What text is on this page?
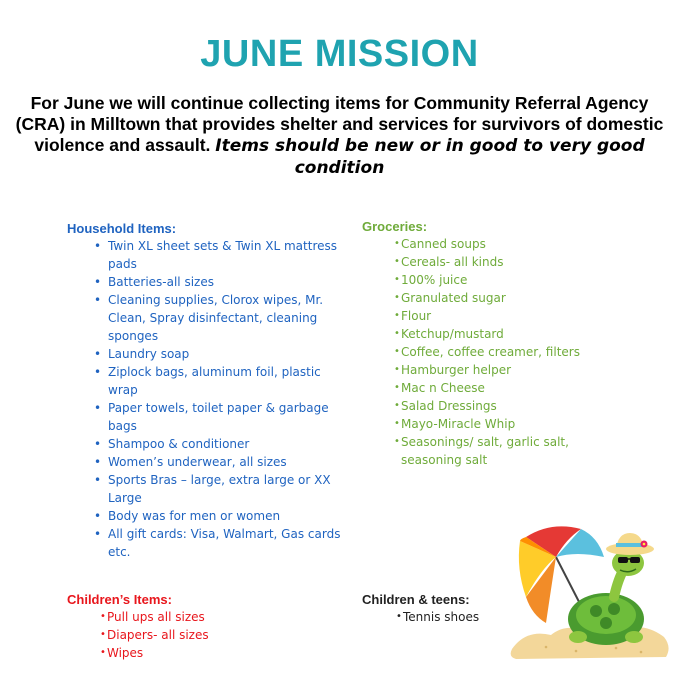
JUNE MISSION
For June we will continue collecting items for Community Referral Agency (CRA) in Milltown that provides shelter and services for survivors of domestic violence and assault. Items should be new or in good to very good condition
Household Items:
• Twin XL sheet sets & Twin XL mattress pads
• Batteries-all sizes
• Cleaning supplies, Clorox wipes, Mr. Clean, Spray disinfectant, cleaning sponges
• Laundry soap
• Ziplock bags, aluminum foil, plastic wrap
• Paper towels, toilet paper & garbage bags
• Shampoo & conditioner
• Women’s underwear, all sizes
• Sports Bras – large, extra large or XX Large
• Body was for men or women
• All gift cards: Visa, Walmart, Gas cards etc.
Groceries:
• Canned soups
• Cereals- all kinds
• 100% juice
• Granulated sugar
• Flour
• Ketchup/mustard
• Coffee, coffee creamer, filters
• Hamburger helper
• Mac n Cheese
• Salad Dressings
• Mayo-Miracle Whip
• Seasonings/ salt, garlic salt, seasoning salt
Children’s Items:
• Pull ups all sizes
• Diapers- all sizes
• Wipes
Children & teens:
• Tennis shoes
